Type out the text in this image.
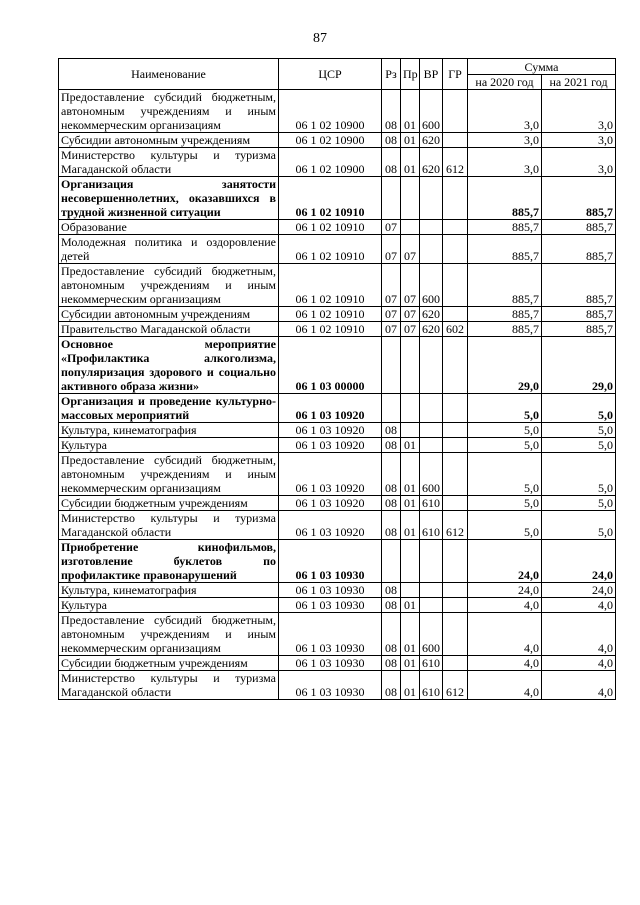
87
Наименование	ЦСР	Рз	Пр	ВР	ГР	Сумма	
						на 2020 год	на 2021 год
Предоставление субсидий бюджетным, автономным учреждениям и иным некоммерческим организациям	06 1 02 10900	08	01	600		3,0	3,0
Субсидии автономным учреждениям	06 1 02 10900	08	01	620		3,0	3,0
Министерство культуры и туризма Магаданской области	06 1 02 10900	08	01	620	612	3,0	3,0
Организация занятости несовершеннолетних, оказавшихся в трудной жизненной ситуации	06 1 02 10910					885,7	885,7
Образование	06 1 02 10910	07				885,7	885,7
Молодежная политика и оздоровление детей	06 1 02 10910	07	07			885,7	885,7
Предоставление субсидий бюджетным, автономным учреждениям и иным некоммерческим организациям	06 1 02 10910	07	07	600		885,7	885,7
Субсидии автономным учреждениям	06 1 02 10910	07	07	620		885,7	885,7
Правительство Магаданской области	06 1 02 10910	07	07	620	602	885,7	885,7
Основное мероприятие «Профилактика алкоголизма, популяризация здорового и социально активного образа жизни»	06 1 03 00000					29,0	29,0
Организация и проведение культурно-массовых мероприятий	06 1 03 10920					5,0	5,0
Культура, кинематография	06 1 03 10920	08				5,0	5,0
Культура	06 1 03 10920	08	01			5,0	5,0
Предоставление субсидий бюджетным, автономным учреждениям и иным некоммерческим организациям	06 1 03 10920	08	01	600		5,0	5,0
Субсидии бюджетным учреждениям	06 1 03 10920	08	01	610		5,0	5,0
Министерство культуры и туризма Магаданской области	06 1 03 10920	08	01	610	612	5,0	5,0
Приобретение кинофильмов, изготовление буклетов по профилактике правонарушений	06 1 03 10930					24,0	24,0
Культура, кинематография	06 1 03 10930	08				24,0	24,0
Культура	06 1 03 10930	08	01			4,0	4,0
Предоставление субсидий бюджетным, автономным учреждениям и иным некоммерческим организациям	06 1 03 10930	08	01	600		4,0	4,0
Субсидии бюджетным учреждениям	06 1 03 10930	08	01	610		4,0	4,0
Министерство культуры и туризма Магаданской области	06 1 03 10930	08	01	610	612	4,0	4,0
